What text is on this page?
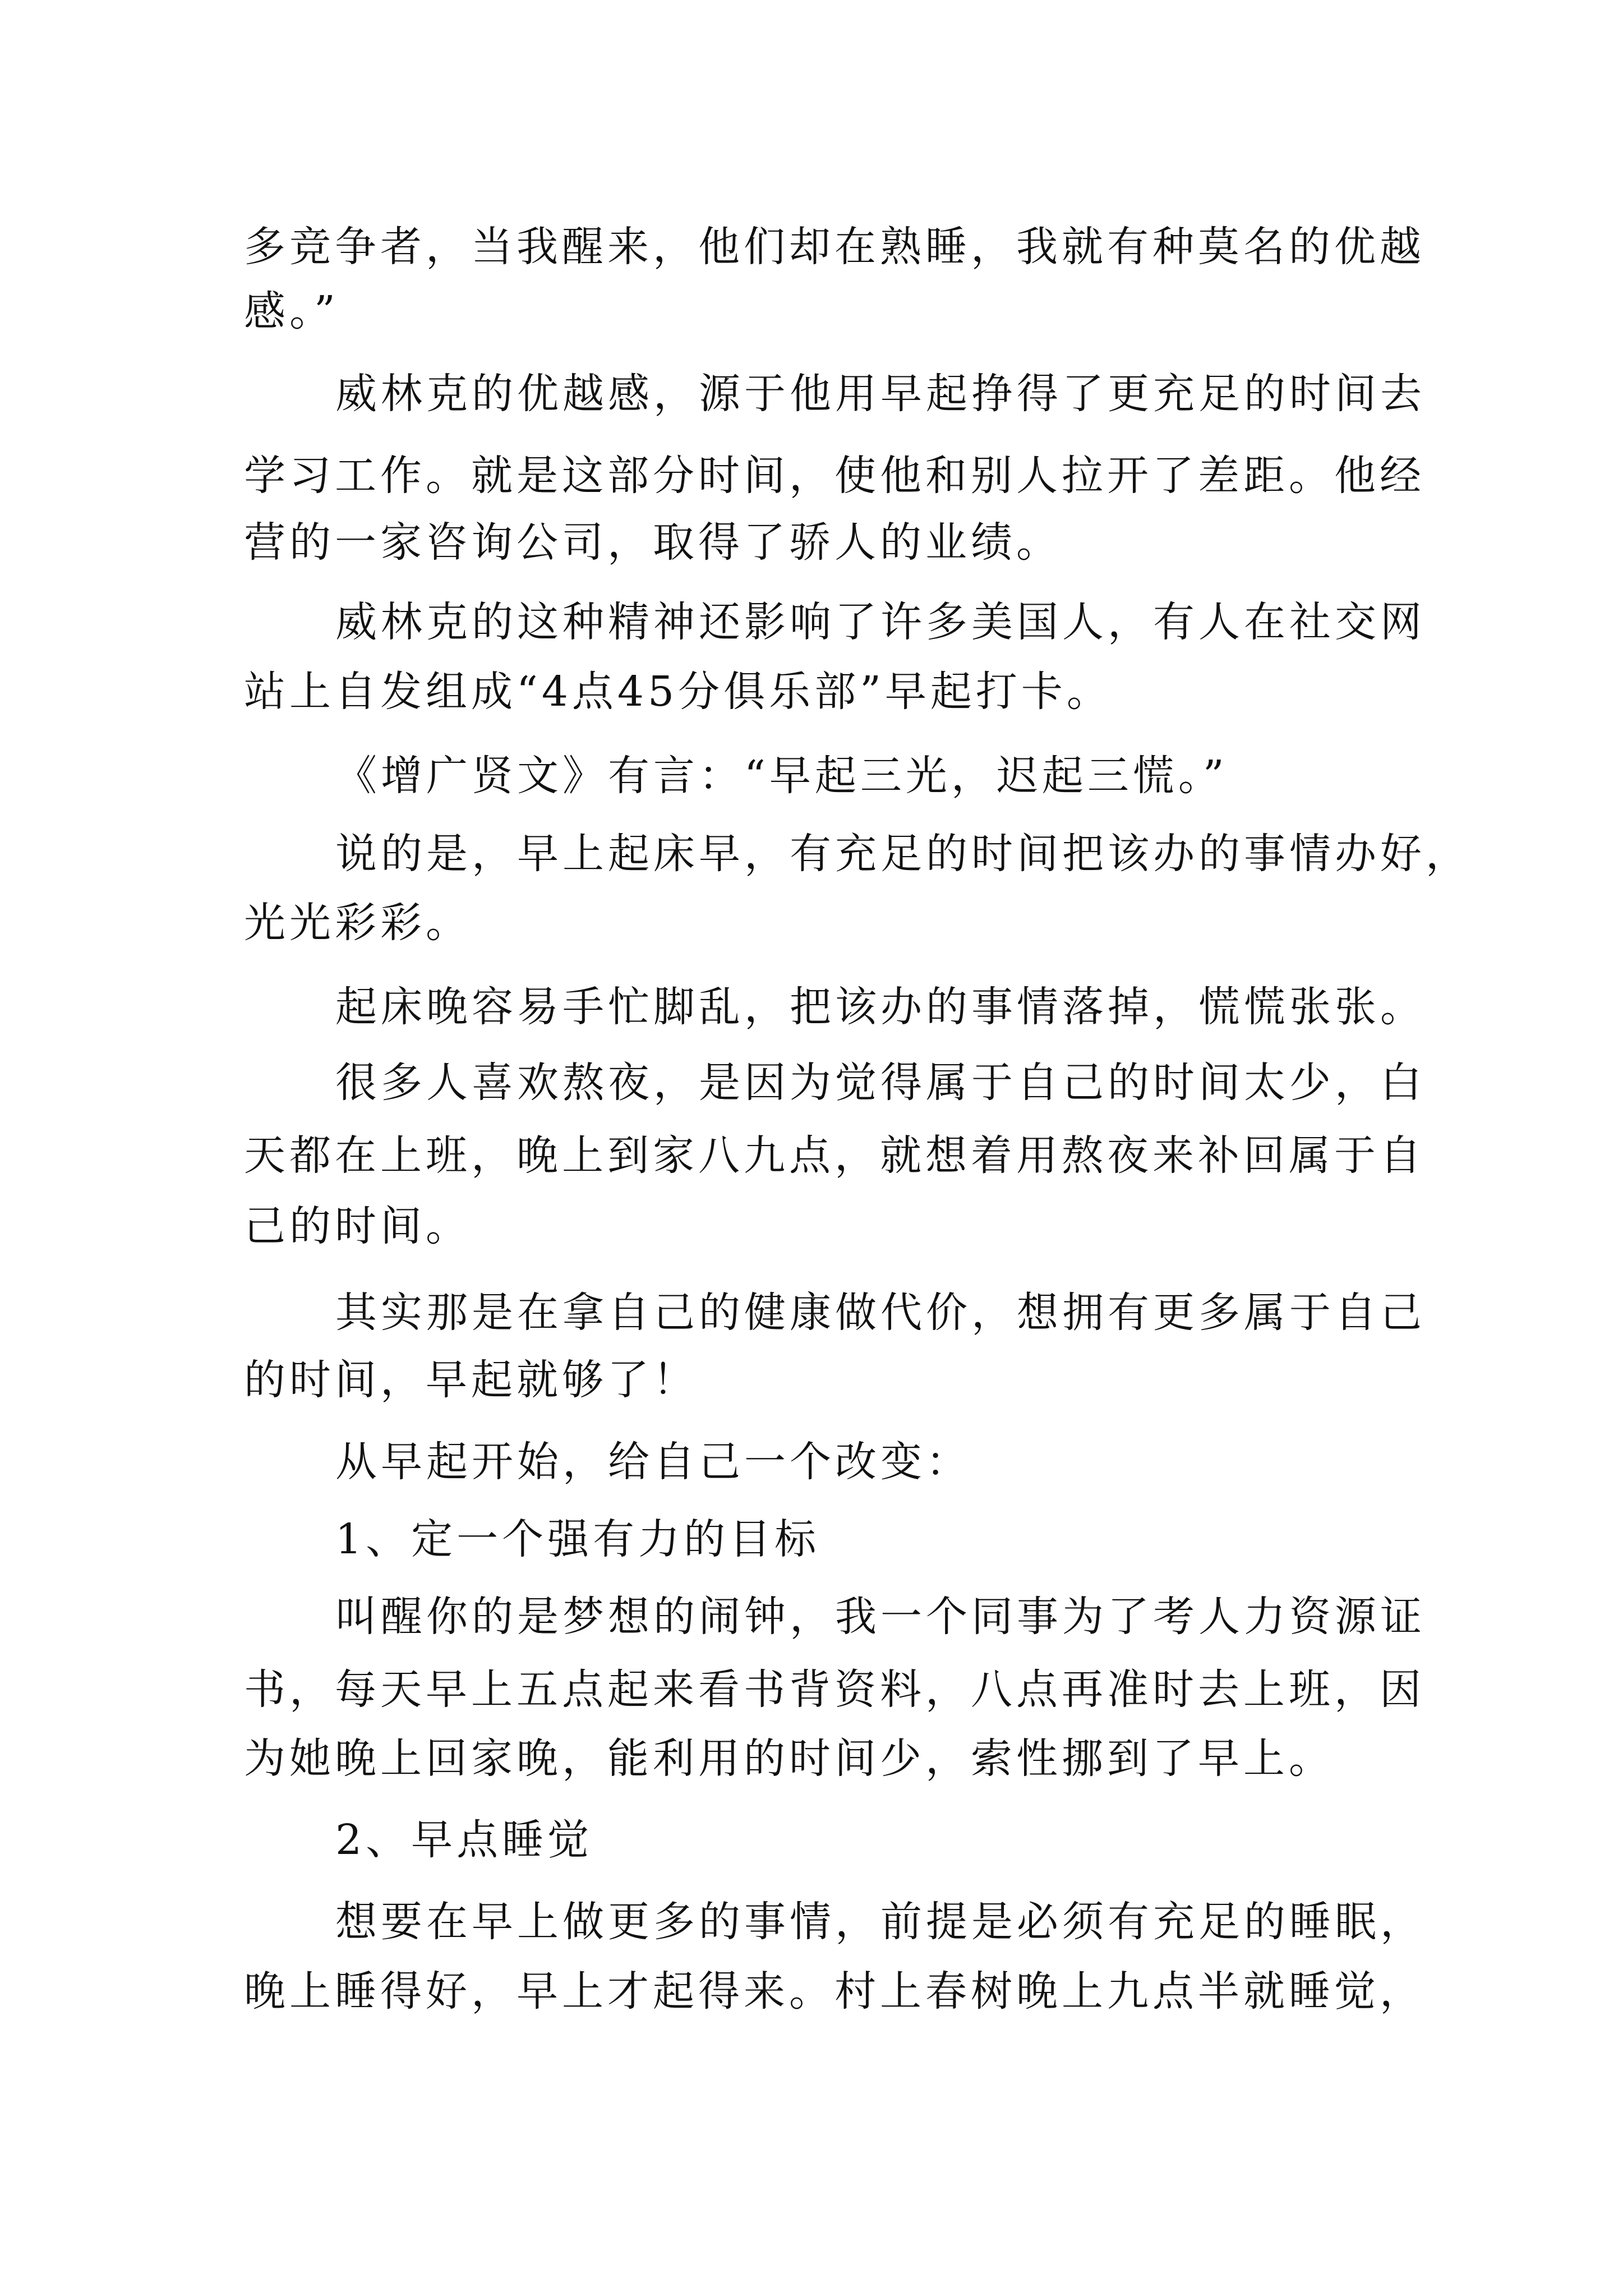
多竞争者，当我醒来，他们却在熟睡，我就有种莫名的优越
感。”
威林克的优越感，源于他用早起挣得了更充足的时间去
学习工作。就是这部分时间，使他和别人拉开了差距。他经
营的一家咨询公司，取得了骄人的业绩。
威林克的这种精神还影响了许多美国人，有人在社交网
站上自发组成“4点45分俱乐部”早起打卡。
《增广贤文》有言：“早起三光，迟起三慌。”
说的是，早上起床早，有充足的时间把该办的事情办好，
光光彩彩。
起床晚容易手忙脚乱，把该办的事情落掉，慌慌张张。
很多人喜欢熬夜，是因为觉得属于自己的时间太少，白
天都在上班，晚上到家八九点，就想着用熬夜来补回属于自
己的时间。
其实那是在拿自己的健康做代价，想拥有更多属于自己
的时间，早起就够了！
从早起开始，给自己一个改变：
1、定一个强有力的目标
叫醒你的是梦想的闹钟，我一个同事为了考人力资源证
书，每天早上五点起来看书背资料，八点再准时去上班，因
为她晚上回家晚，能利用的时间少，索性挪到了早上。
2、早点睡觉
想要在早上做更多的事情，前提是必须有充足的睡眠，
晚上睡得好，早上才起得来。村上春树晚上九点半就睡觉，
